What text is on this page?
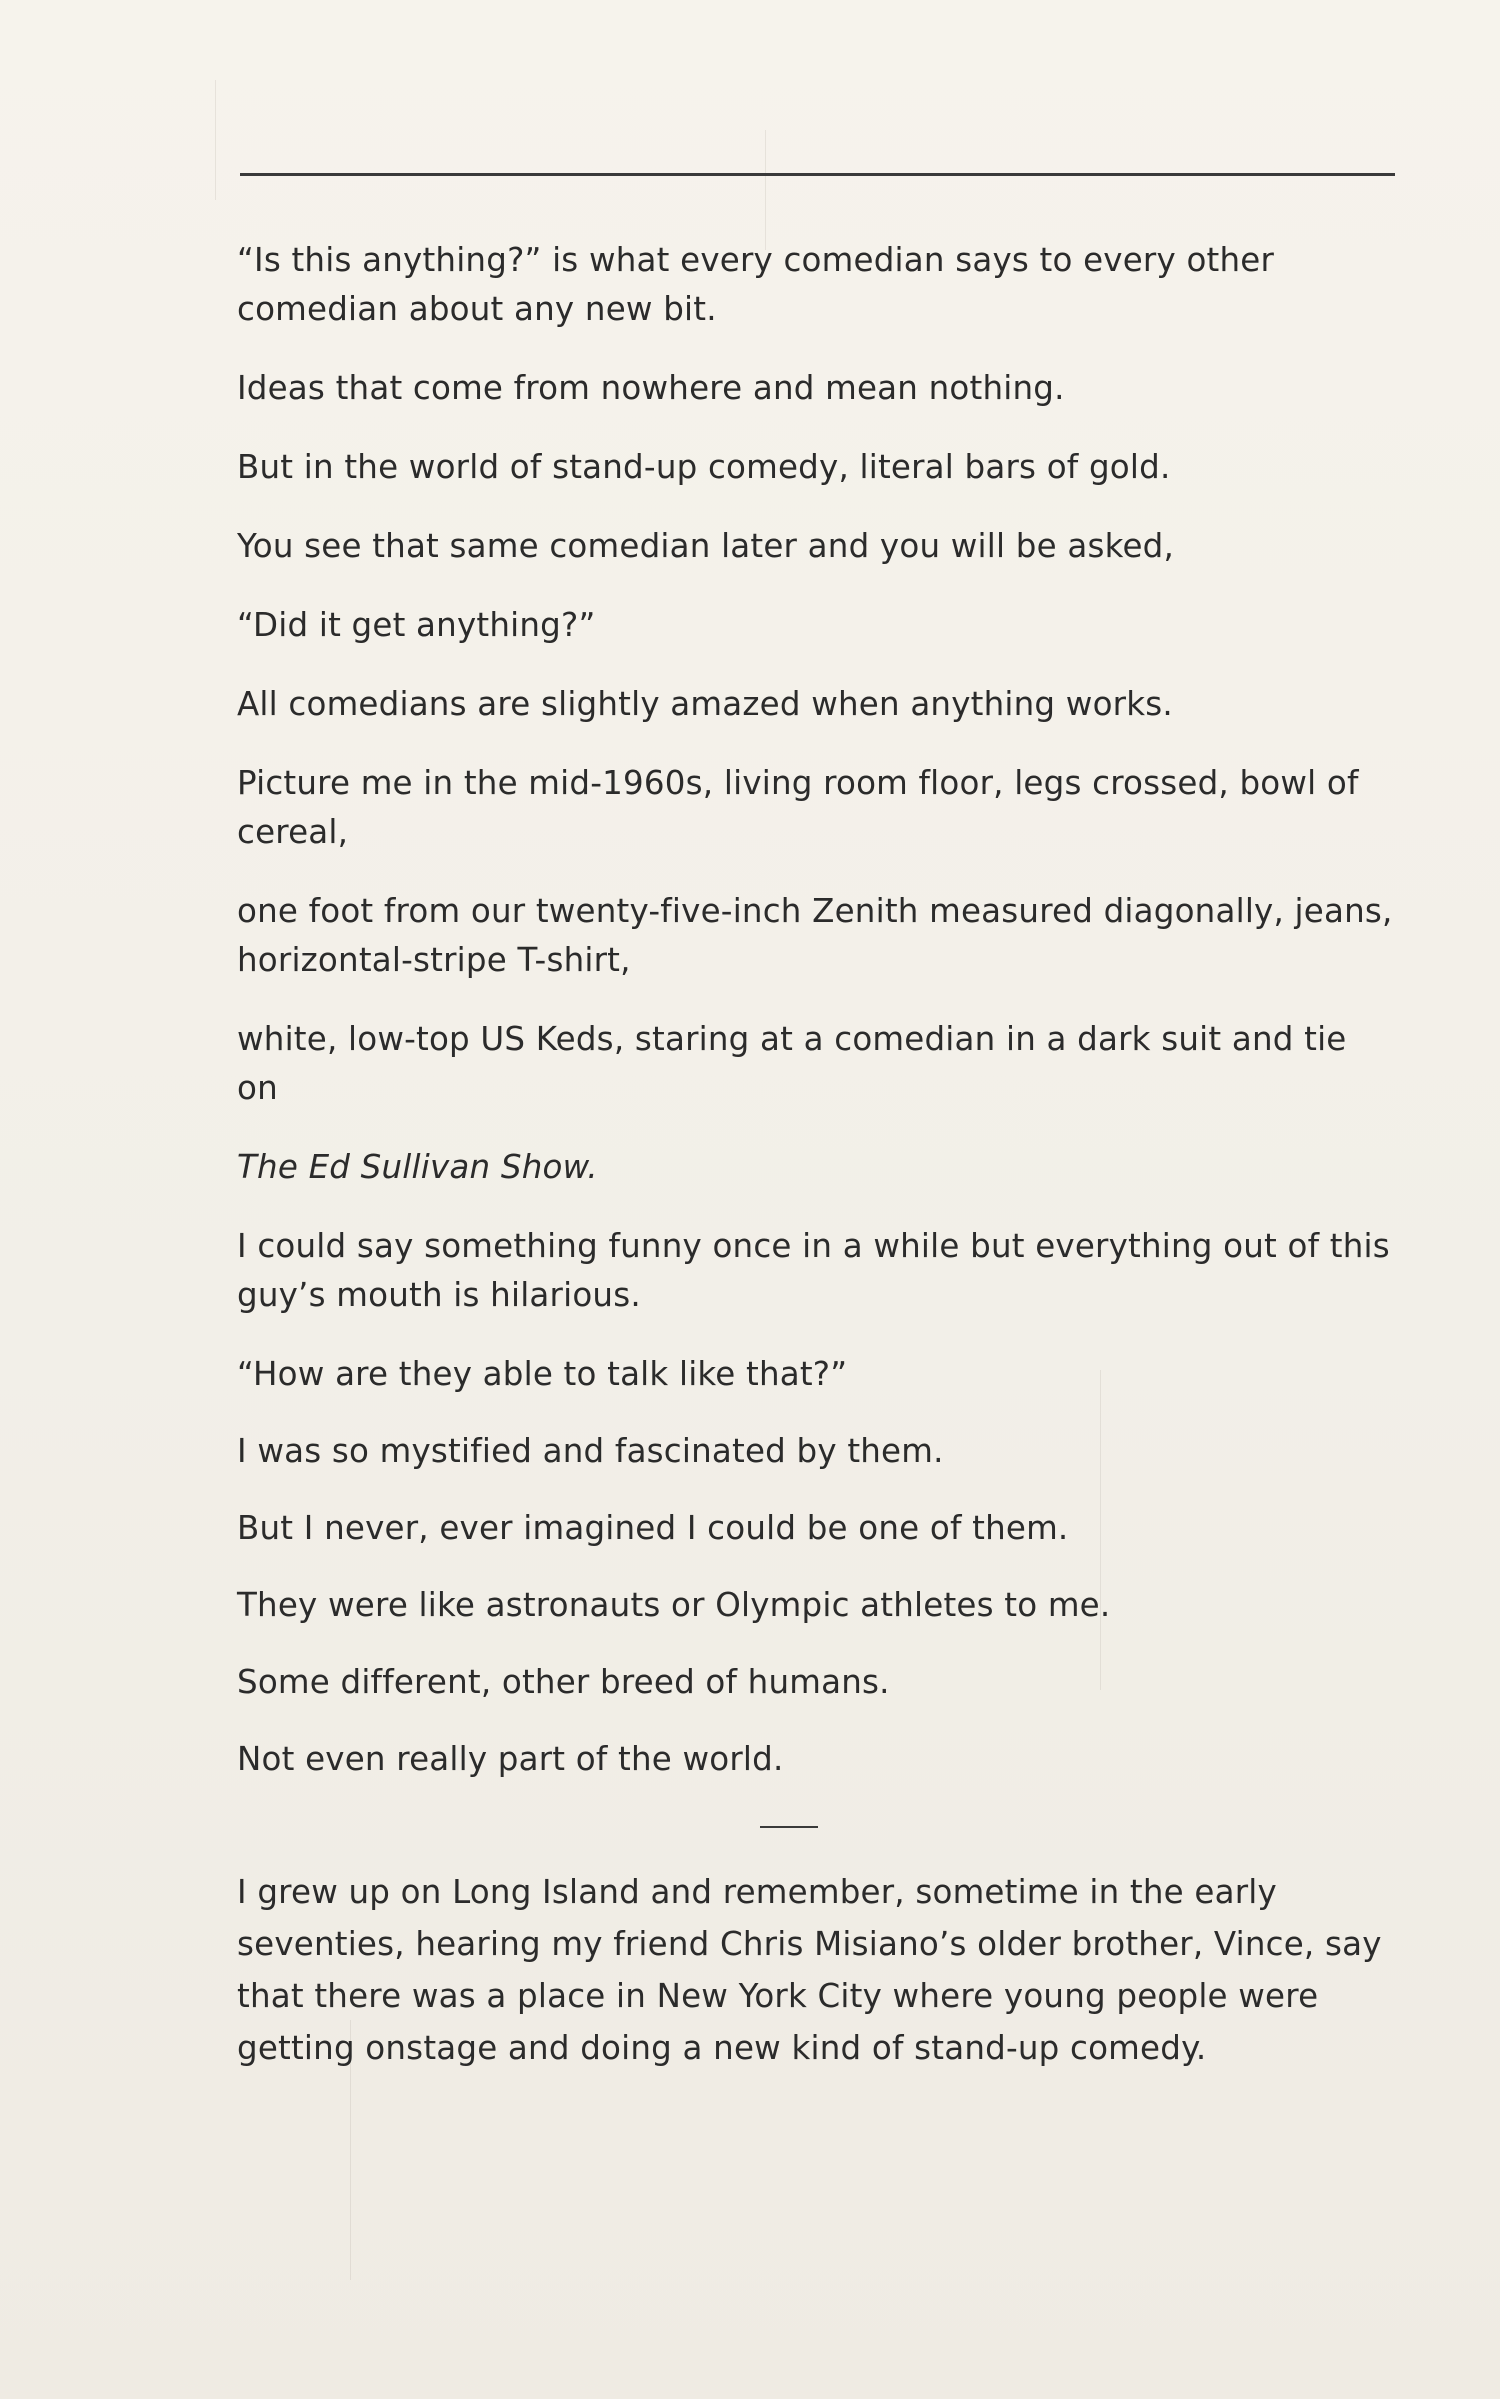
“Is this anything?” is what every comedian says to every other comedian about any new bit.

Ideas that come from nowhere and mean nothing.

But in the world of stand-up comedy, literal bars of gold.

You see that same comedian later and you will be asked,

“Did it get anything?”

All comedians are slightly amazed when anything works.

Picture me in the mid-1960s, living room floor, legs crossed, bowl of cereal,

one foot from our twenty-five-inch Zenith measured diagonally, jeans, horizontal-stripe T-shirt,

white, low-top US Keds, staring at a comedian in a dark suit and tie on

The Ed Sullivan Show.

I could say something funny once in a while but everything out of this guy’s mouth is hilarious.

“How are they able to talk like that?”

I was so mystified and fascinated by them.

But I never, ever imagined I could be one of them.

They were like astronauts or Olympic athletes to me.

Some different, other breed of humans.

Not even really part of the world.

I grew up on Long Island and remember, sometime in the early seventies, hearing my friend Chris Misiano’s older brother, Vince, say that there was a place in New York City where young people were getting onstage and doing a new kind of stand-up comedy.
